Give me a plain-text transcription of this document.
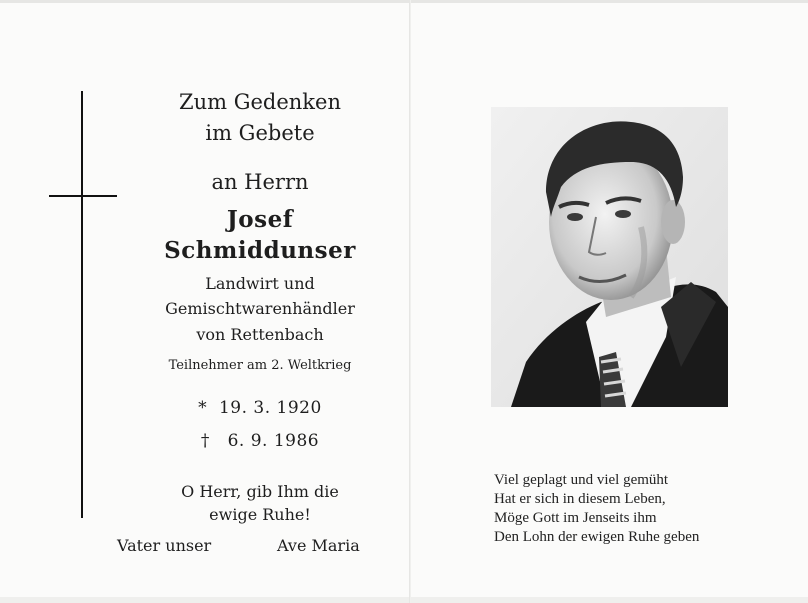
Zum Gedenken
im Gebete
an Herrn
Josef
Schmiddunser
Landwirt und
Gemischtwarenhändler
von Rettenbach
Teilnehmer am 2. Weltkrieg
* 19. 3. 1920
† 6. 9. 1986
O Herr, gib Ihm die
ewige Ruhe!
Vater unser	Ave Maria
Viel geplagt und viel gemüht
Hat er sich in diesem Leben,
Möge Gott im Jenseits ihm
Den Lohn der ewigen Ruhe geben
